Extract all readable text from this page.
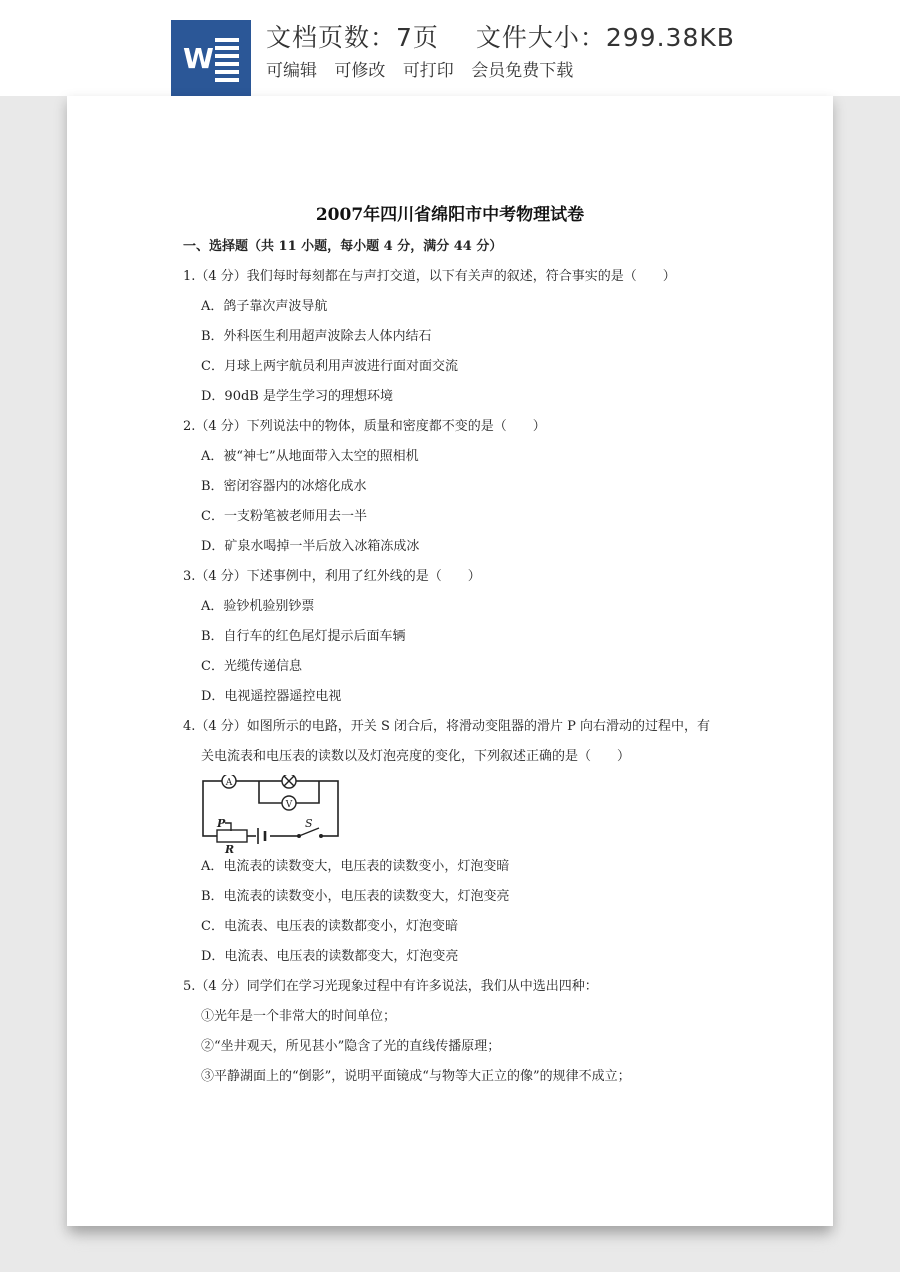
W
文档页数：7页 文件大小：299.38KB
可编辑 可修改 可打印 会员免费下载
2007年四川省绵阳市中考物理试卷
一、选择题（共 11 小题，每小题 4 分，满分 44 分）
1.（4 分）我们每时每刻都在与声打交道，以下有关声的叙述，符合事实的是（　　）
A．鸽子靠次声波导航
B．外科医生利用超声波除去人体内结石
C．月球上两宇航员利用声波进行面对面交流
D．90dB 是学生学习的理想环境
2.（4 分）下列说法中的物体，质量和密度都不变的是（　　）
A．被“神七”从地面带入太空的照相机
B．密闭容器内的冰熔化成水
C．一支粉笔被老师用去一半
D．矿泉水喝掉一半后放入冰箱冻成冰
3.（4 分）下述事例中，利用了红外线的是（　　）
A．验钞机验别钞票
B．自行车的红色尾灯提示后面车辆
C．光缆传递信息
D．电视遥控器遥控电视
4.（4 分）如图所示的电路，开关 S 闭合后，将滑动变阻器的滑片 P 向右滑动的过程中，有
关电流表和电压表的读数以及灯泡亮度的变化，下列叙述正确的是（　　）
A
V
P
R
S
A．电流表的读数变大，电压表的读数变小，灯泡变暗
B．电流表的读数变小，电压表的读数变大，灯泡变亮
C．电流表、电压表的读数都变小，灯泡变暗
D．电流表、电压表的读数都变大，灯泡变亮
5.（4 分）同学们在学习光现象过程中有许多说法，我们从中选出四种：
①光年是一个非常大的时间单位；
②“坐井观天，所见甚小”隐含了光的直线传播原理；
③平静湖面上的“倒影”，说明平面镜成“与物等大正立的像”的规律不成立；
